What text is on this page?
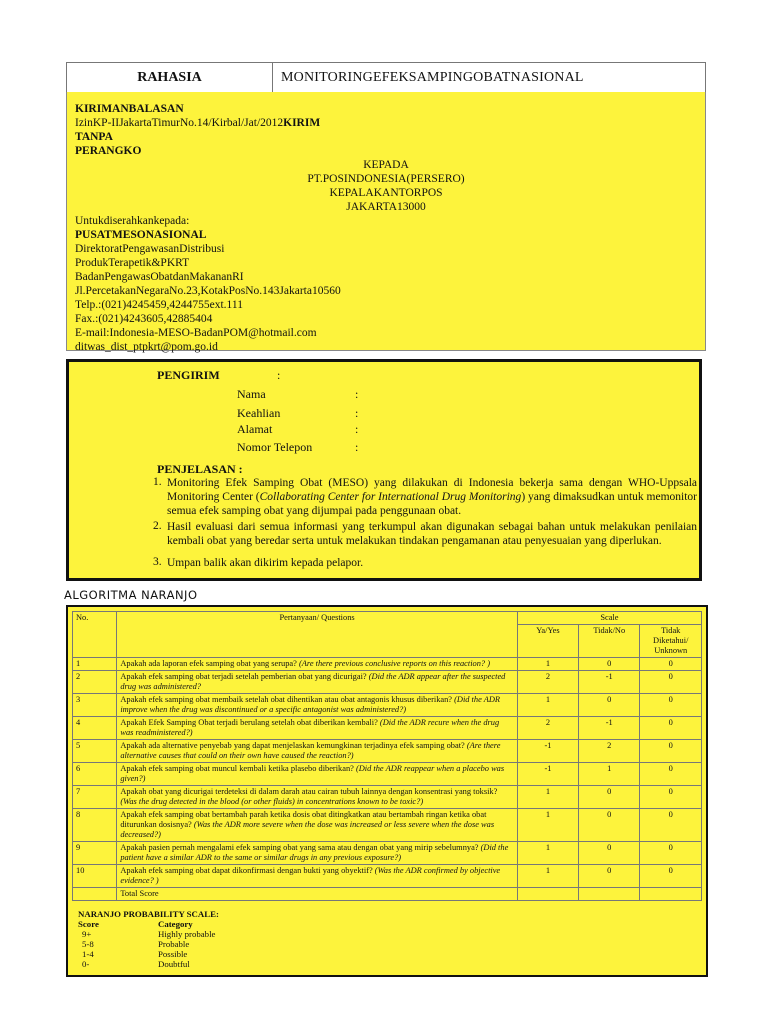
RAHASIA	MONITORINGEFEKSAMPINGOBATNASIONAL
KIRIMANBALASAN
IzinKP-IIJakartaTimurNo.14/Kirbal/Jat/2012KIRIM
TANPA
PERANGKO
KEPADA
PT.POSINDONESIA(PERSERO)
KEPALAKANTORPOS
JAKARTA13000
Untukdiserahkankepada:
PUSATMESONASIONAL
DirektoratPengawasanDistribusi
ProdukTerapetik&PKRT
BadanPengawasObatdanMakananRI
Jl.PercetakanNegaraNo.23,KotakPosNo.143Jakarta10560
Telp.:(021)4245459,4244755ext.111
Fax.:(021)4243605,42885404
E-mail:Indonesia-MESO-BadanPOM@hotmail.com
ditwas_dist_ptpkrt@pom.go.id
PENGIRIM	:
Nama	:
Keahlian	:
Alamat	:
Nomor Telepon	:
PENJELASAN :
1. Monitoring Efek Samping Obat (MESO) yang dilakukan di Indonesia bekerja sama dengan WHO-Uppsala Monitoring Center (Collaborating Center for International Drug Monitoring) yang dimaksudkan untuk memonitor semua efek samping obat yang dijumpai pada penggunaan obat.
2. Hasil evaluasi dari semua informasi yang terkumpul akan digunakan sebagai bahan untuk melakukan penilaian kembali obat yang beredar serta untuk melakukan tindakan pengamanan atau penyesuaian yang diperlukan.
3. Umpan balik akan dikirim kepada pelapor.
ALGORITMA NARANJO
No.	Pertanyaan/ Questions	Scale		
		Ya/Yes	Tidak/No	Tidak Diketahui/ Unknown
1	Apakah ada laporan efek samping obat yang serupa? (Are there previous conclusive reports on this reaction? )	1	0	0
2	Apakah efek samping obat terjadi setelah pemberian obat yang dicurigai? (Did the ADR appear after the suspected drug was administered?	2	-1	0
3	Apakah efek samping obat membaik setelah obat dihentikan atau obat antagonis khusus diberikan? (Did the ADR improve when the drug was discontinued or a specific antagonist was administered?)	1	0	0
4	Apakah Efek Samping Obat terjadi berulang setelah obat diberikan kembali? (Did the ADR recure when the drug was readministered?)	2	-1	0
5	Apakah ada alternative penyebab yang dapat menjelaskan kemungkinan terjadinya efek samping obat? (Are there alternative causes that could on their own have caused the reaction?)	-1	2	0
6	Apakah efek samping obat muncul kembali ketika plasebo diberikan? (Did the ADR reappear when a placebo was given?)	-1	1	0
7	Apakah obat yang dicurigai terdeteksi di dalam darah atau cairan tubuh lainnya dengan konsentrasi yang toksik? (Was the drug detected in the blood (or other fluids) in concentrations known to be toxic?)	1	0	0
8	Apakah efek samping obat bertambah parah ketika dosis obat ditingkatkan atau bertambah ringan ketika obat diturunkan dosisnya? (Was the ADR more severe when the dose was increased or less severe when the dose was decreased?)	1	0	0
9	Apakah pasien pernah mengalami efek samping obat yang sama atau dengan obat yang mirip sebelumnya? (Did the patient have a similar ADR to the same or similar drugs in any previous exposure?)	1	0	0
10	Apakah efek samping obat dapat dikonfirmasi dengan bukti yang obyektif? (Was the ADR confirmed by objective evidence? )	1	0	0
	Total Score			
NARANJO PROBABILITY SCALE:
Score	Category
9+	Highly probable
5-8	Probable
1-4	Possible
0-	Doubtful
